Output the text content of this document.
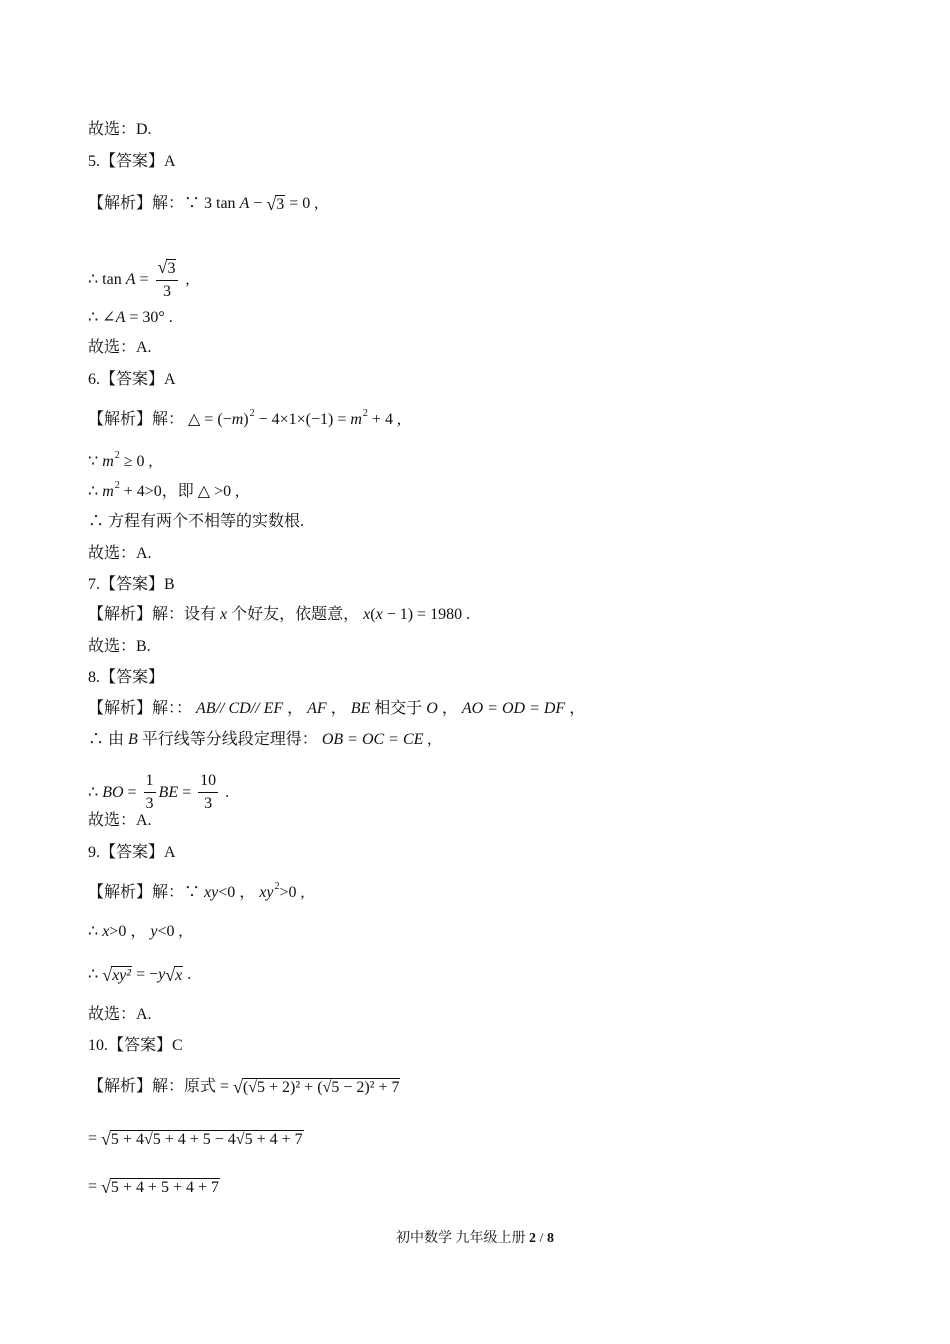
故选：D.
5.【答案】A
【解析】解：∵ 3 tan A − √ 3 = 0 ,
∴ $\tan A = \frac{√ 3}{3}$ ,
∴ ∠ A = 30° .
故选：A.
6.【答案】A
【解析】解： △ = (− m ) 2 − 4×1×(−1) = m 2 + 4 ,
∵ m 2 ≥ 0 ,
∴ m 2 + 4>0，即 △ >0 ,
∴ 方程有两个不相等的实数根.
故选：A.
7.【答案】B
【解析】解：设有 x 个好友，依题意， x ( x − 1) = 1980 .
故选：B.
8.【答案】
【解析】解：： AB// CD// EF ， AF ， BE 相交于 O ， AO = OD = DF ，
∴ 由 B 平行线等分线段定理得： OB = OC = CE ,
∴ BO = $\frac{1}{3}$ BE = $\frac{10}{3}$ .
故选：A.
9.【答案】A
【解析】解：∵ xy <0 ， xy 2 >0 ,
∴ x >0 ， y <0 ,
∴ √ xy² = − y √ x .
故选：A.
10.【答案】C
【解析】解：原式 = √ (√5 + 2)² + (√5 − 2)² + 7
= √ 5 + 4√5 + 4 + 5 − 4√5 + 4 + 7
= √ 5 + 4 + 5 + 4 + 7
初中数学 九年级上册 2 / 8
